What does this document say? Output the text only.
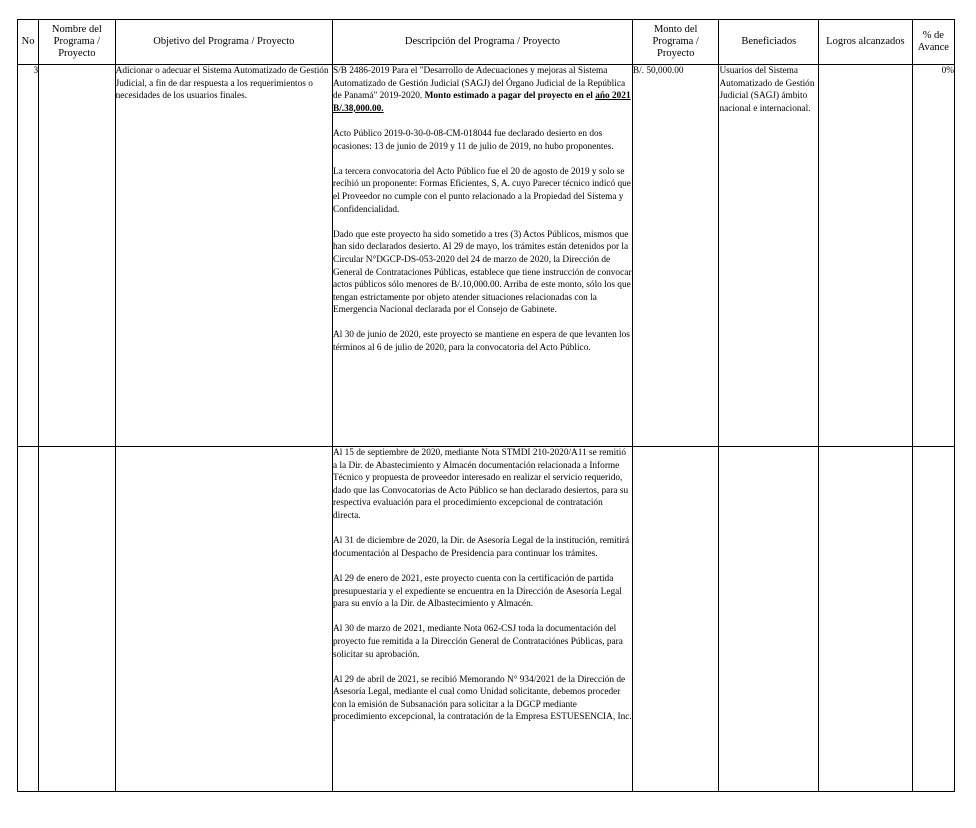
No	Nombre del Programa / Proyecto	Objetivo del Programa / Proyecto	Descripción del Programa / Proyecto	Monto del Programa / Proyecto	Beneficiados	Logros alcanzados	% de Avance
3		Adicionar o adecuar el Sistema Automatizado de Gestión Judicial, a fin de dar respuesta a los requerimientos o necesidades de los usuarios finales.	S/B 2486-2019 Para el "Desarrollo de Adecuaciones y mejoras al Sistema Automatizado de Gestión Judicial (SAGJ) del Órgano Judicial de la República de Panamá" 2019-2020. Monto estimado a pagar del proyecto en el año 2021 B/.38,000.00.

Acto Público 2019-0-30-0-08-CM-018044 fue declarado desierto en dos ocasiones: 13 de junio de 2019 y 11 de julio de 2019, no hubo proponentes.

La tercera convocatoria del Acto Público fue el 20 de agosto de 2019 y solo se recibió un proponente: Formas Eficientes, S, A. cuyo Parecer técnico indicó que el Proveedor no cumple con el punto relacionado a la Propiedad del Sistema y Confidencialidad.

Dado que este proyecto ha sido sometido a tres (3) Actos Públicos, mismos que han sido declarados desierto. Al 29 de mayo, los trámites están detenidos por la Circular N°DGCP-DS-053-2020 del 24 de marzo de 2020, la Dirección de General de Contrataciones Públicas, establece que tiene instrucción de convocar actos públicos sólo menores de B/.10,000.00. Arriba de este monto, sólo los que tengan estrictamente por objeto atender situaciones relacionadas con la Emergencia Nacional declarada por el Consejo de Gabinete.

Al 30 de junio de 2020, este proyecto se mantiene en espera de que levanten los términos al 6 de julio de 2020, para la convocatoria del Acto Público.	B/. 50,000.00	Usuarios del Sistema Automatizado de Gestión Judicial (SAGJ) ámbito nacional e internacional.		0%

			Al 15 de septiembre de 2020, mediante Nota STMDI 210-2020/A11 se remitió a la Dir. de Abastecimiento y Almacén documentación relacionada a Informe Técnico y propuesta de proveedor interesado en realizar el servicio requerido, dado que las Convocatorias de Acto Público se han declarado desiertos, para su respectiva evaluación para el procedimiento excepcional de contratación directa.

Al 31 de diciembre de 2020, la Dir. de Asesoría Legal de la institución, remitirá documentación al Despacho de Presidencia para continuar los trámites.

Al 29 de enero de 2021, este proyecto cuenta con la certificación de partida presupuestaria y el expediente se encuentra en la Dirección de Asesoría Legal para su envío a la Dir. de Albastecimiento y Almacén.

Al 30 de marzo de 2021, mediante Nota 062-CSJ toda la documentación del proyecto fue remitida a la Dirección General de Contrataciónes Públicas, para solicitar su aprobación.

Al 29 de abril de 2021, se recibió Memorando N° 934/2021 de la Dirección de Asesoría Legal, mediante el cual como Unidad solicitante, debemos proceder con la emisión de Subsanación para solicitar a la DGCP mediante procedimiento excepcional, la contratación de la Empresa ESTUESENCIA, Inc.				
